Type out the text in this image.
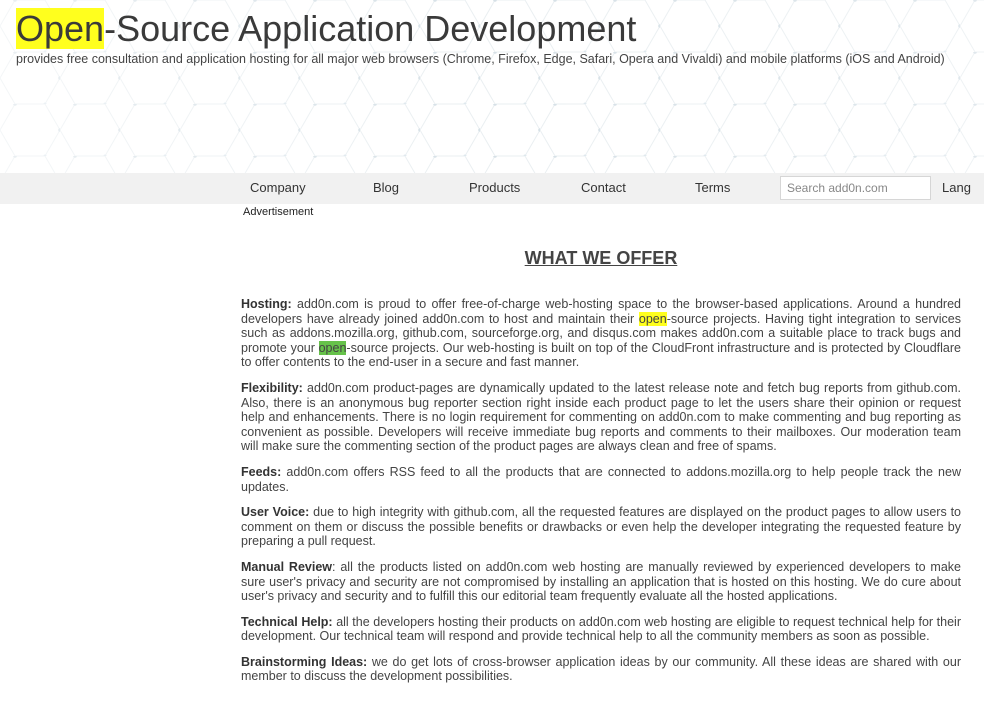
Open-Source Application Development

provides free consultation and application hosting for all major web browsers (Chrome, Firefox, Edge, Safari, Opera and Vivaldi) and mobile platforms (iOS and Android)

Company	Blog	Products	Contact	Terms
Search add0n.com	Lang
Advertisement
WHAT WE OFFER

Hosting: add0n.com is proud to offer free-of-charge web-hosting space to the browser-based applications. Around a hundred developers have already joined add0n.com to host and maintain their open-source projects. Having tight integration to services such as addons.mozilla.org, github.com, sourceforge.org, and disqus.com makes add0n.com a suitable place to track bugs and promote your open-source projects. Our web-hosting is built on top of the CloudFront infrastructure and is protected by Cloudflare to offer contents to the end-user in a secure and fast manner.

Flexibility: add0n.com product-pages are dynamically updated to the latest release note and fetch bug reports from github.com. Also, there is an anonymous bug reporter section right inside each product page to let the users share their opinion or request help and enhancements. There is no login requirement for commenting on add0n.com to make commenting and bug reporting as convenient as possible. Developers will receive immediate bug reports and comments to their mailboxes. Our moderation team will make sure the commenting section of the product pages are always clean and free of spams.

Feeds: add0n.com offers RSS feed to all the products that are connected to addons.mozilla.org to help people track the new updates.

User Voice: due to high integrity with github.com, all the requested features are displayed on the product pages to allow users to comment on them or discuss the possible benefits or drawbacks or even help the developer integrating the requested feature by preparing a pull request.

Manual Review: all the products listed on add0n.com web hosting are manually reviewed by experienced developers to make sure user's privacy and security are not compromised by installing an application that is hosted on this hosting. We do cure about user's privacy and security and to fulfill this our editorial team frequently evaluate all the hosted applications.

Technical Help: all the developers hosting their products on add0n.com web hosting are eligible to request technical help for their development. Our technical team will respond and provide technical help to all the community members as soon as possible.

Brainstorming Ideas: we do get lots of cross-browser application ideas by our community. All these ideas are shared with our member to discuss the development possibilities.
